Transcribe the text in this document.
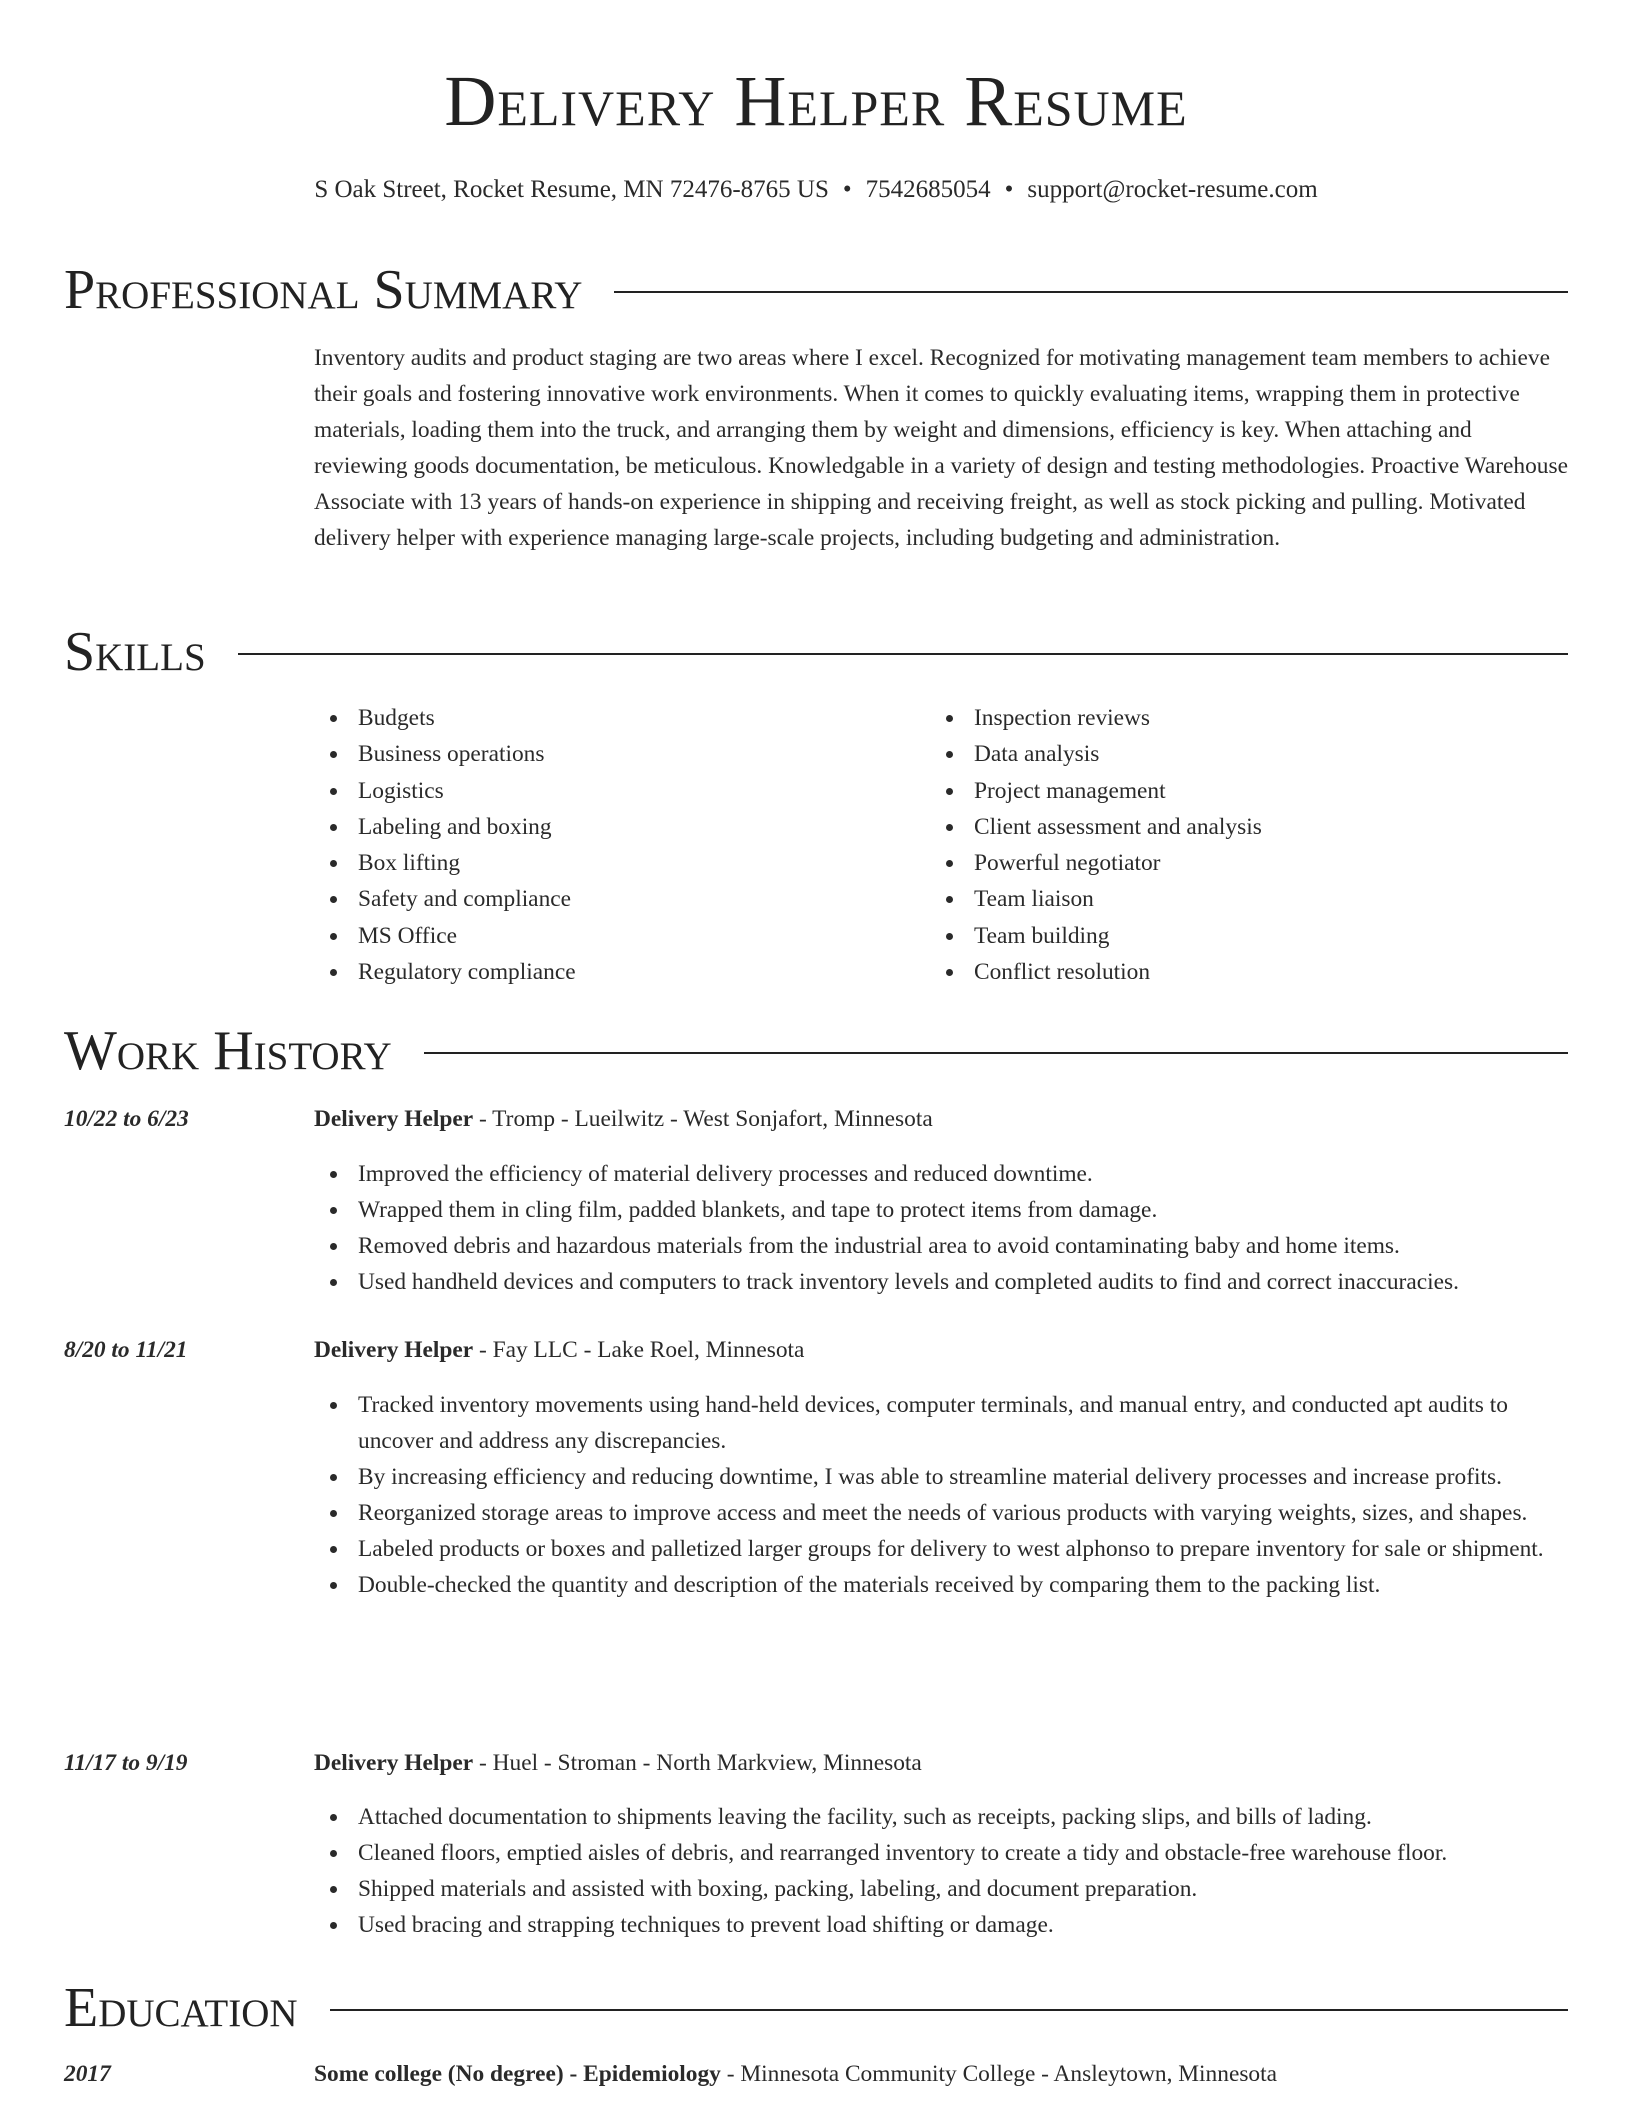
Delivery Helper Resume
S Oak Street, Rocket Resume, MN 72476-8765 US • 7542685054 • support@rocket-resume.com
Professional Summary
Inventory audits and product staging are two areas where I excel. Recognized for motivating management team members to achieve their goals and fostering innovative work environments. When it comes to quickly evaluating items, wrapping them in protective materials, loading them into the truck, and arranging them by weight and dimensions, efficiency is key. When attaching and reviewing goods documentation, be meticulous. Knowledgable in a variety of design and testing methodologies. Proactive Warehouse Associate with 13 years of hands-on experience in shipping and receiving freight, as well as stock picking and pulling. Motivated delivery helper with experience managing large-scale projects, including budgeting and administration.
Skills
Budgets
Business operations
Logistics
Labeling and boxing
Box lifting
Safety and compliance
MS Office
Regulatory compliance
Inspection reviews
Data analysis
Project management
Client assessment and analysis
Powerful negotiator
Team liaison
Team building
Conflict resolution
Work History
10/22 to 6/23	Delivery Helper - Tromp - Lueilwitz - West Sonjafort, Minnesota
Improved the efficiency of material delivery processes and reduced downtime.
Wrapped them in cling film, padded blankets, and tape to protect items from damage.
Removed debris and hazardous materials from the industrial area to avoid contaminating baby and home items.
Used handheld devices and computers to track inventory levels and completed audits to find and correct inaccuracies.
8/20 to 11/21	Delivery Helper - Fay LLC - Lake Roel, Minnesota
Tracked inventory movements using hand-held devices, computer terminals, and manual entry, and conducted apt audits to uncover and address any discrepancies.
By increasing efficiency and reducing downtime, I was able to streamline material delivery processes and increase profits.
Reorganized storage areas to improve access and meet the needs of various products with varying weights, sizes, and shapes.
Labeled products or boxes and palletized larger groups for delivery to west alphonso to prepare inventory for sale or shipment.
Double-checked the quantity and description of the materials received by comparing them to the packing list.
11/17 to 9/19	Delivery Helper - Huel - Stroman - North Markview, Minnesota
Attached documentation to shipments leaving the facility, such as receipts, packing slips, and bills of lading.
Cleaned floors, emptied aisles of debris, and rearranged inventory to create a tidy and obstacle-free warehouse floor.
Shipped materials and assisted with boxing, packing, labeling, and document preparation.
Used bracing and strapping techniques to prevent load shifting or damage.
Education
2017	Some college (No degree) - Epidemiology - Minnesota Community College - Ansleytown, Minnesota
